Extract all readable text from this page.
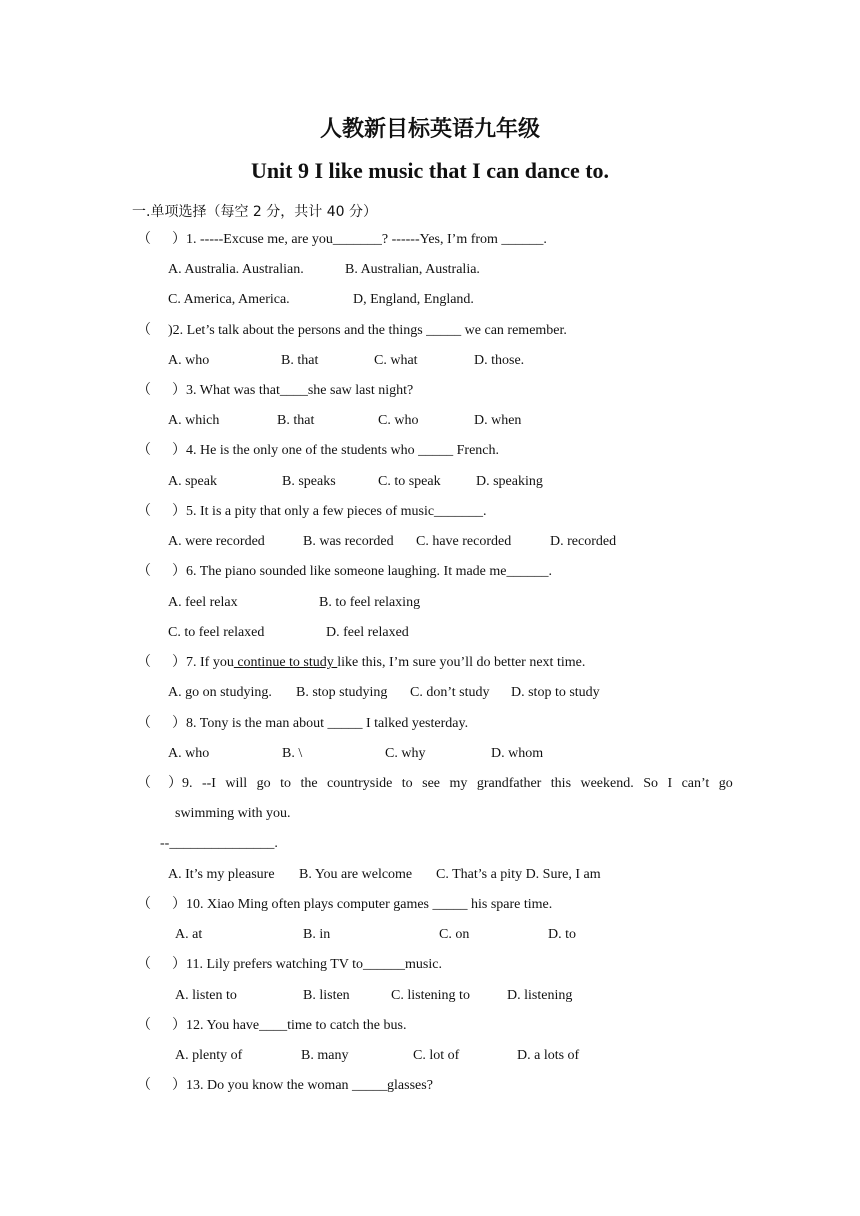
人教新目标英语九年级
Unit 9 I like music that I can dance to.
一.单项选择（每空 2 分，共计 40 分）
（ ）1. -----Excuse me, are you_______? ------Yes, I’m from ______.
A. Australia. Australian.	B. Australian, Australia.
C. America, America.	D, England, England.
（ )2. Let’s talk about the persons and the things _____ we can remember.
A. who	B. that	C. what	D. those.
（ ）3. What was that____she saw last night?
A. which	B. that	C. who	D. when
（ ）4. He is the only one of the students who _____ French.
A. speak	B. speaks	C. to speak	D. speaking
（ ）5. It is a pity that only a few pieces of music_______.
A. were recorded	B. was recorded C. have recorded	D. recorded
（ ）6. The piano sounded like someone laughing. It made me______.
A. feel relax	B. to feel relaxing
C. to feel relaxed	D. feel relaxed
（ ）7. If you continue to study like this, I’m sure you’ll do better next time.
A. go on studying. B. stop studying C. don’t study D. stop to study
（ ）8. Tony is the man about _____ I talked yesterday.
A. who	B. \	C. why	D. whom
（ ）9. --I will go to the countryside to see my grandfather this weekend. So I can’t go
swimming with you.
--_______________.
A. It’s my pleasure B. You are welcome C. That’s a pity D. Sure, I am
（ ）10. Xiao Ming often plays computer games _____ his spare time.
A. at	B. in	C. on	D. to
（ ）11. Lily prefers watching TV to______music.
A. listen to	B. listen	C. listening to	D. listening
（ ）12. You have____time to catch the bus.
A. plenty of	B. many	C. lot of	D. a lots of
（ ）13. Do you know the woman _____glasses?
